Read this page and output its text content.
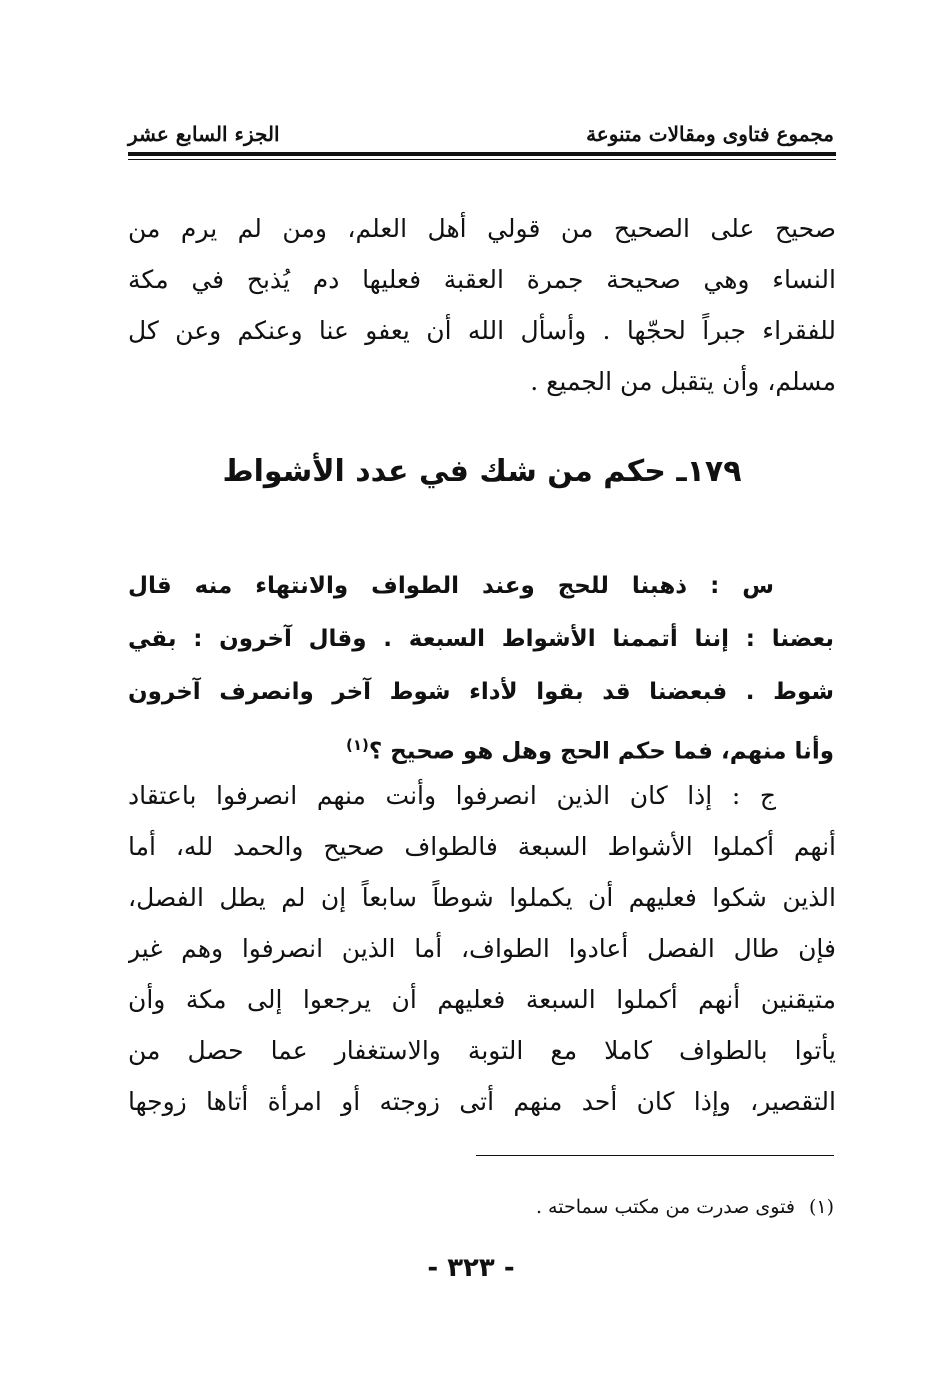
مجموع فتاوى ومقالات متنوعة
الجزء السابع عشر
صحيح على الصحيح من قولي أهل العلم، ومن لم يرم من
النساء وهي صحيحة جمرة العقبة فعليها دم يُذبح في مكة
للفقراء جبراً لحجّها . وأسأل الله أن يعفو عنا وعنكم وعن كل
مسلم، وأن يتقبل من الجميع .
١٧٩ـ حكم من شك في عدد الأشواط
س : ذهبنا للحج وعند الطواف والانتهاء منه قال
بعضنا : إننا أتممنا الأشواط السبعة . وقال آخرون : بقي
شوط . فبعضنا قد بقوا لأداء شوط آخر وانصرف آخرون
وأنا منهم، فما حكم الحج وهل هو صحيح ؟$^{(١)}$
ج : إذا كان الذين انصرفوا وأنت منهم انصرفوا باعتقاد
أنهم أكملوا الأشواط السبعة فالطواف صحيح والحمد لله، أما
الذين شكوا فعليهم أن يكملوا شوطاً سابعاً إن لم يطل الفصل،
فإن طال الفصل أعادوا الطواف، أما الذين انصرفوا وهم غير
متيقنين أنهم أكملوا السبعة فعليهم أن يرجعوا إلى مكة وأن
يأتوا بالطواف كاملا مع التوبة والاستغفار عما حصل من
التقصير، وإذا كان أحد منهم أتى زوجته أو امرأة أتاها زوجها
(١)فتوى صدرت من مكتب سماحته .
- ٣٢٣ -
